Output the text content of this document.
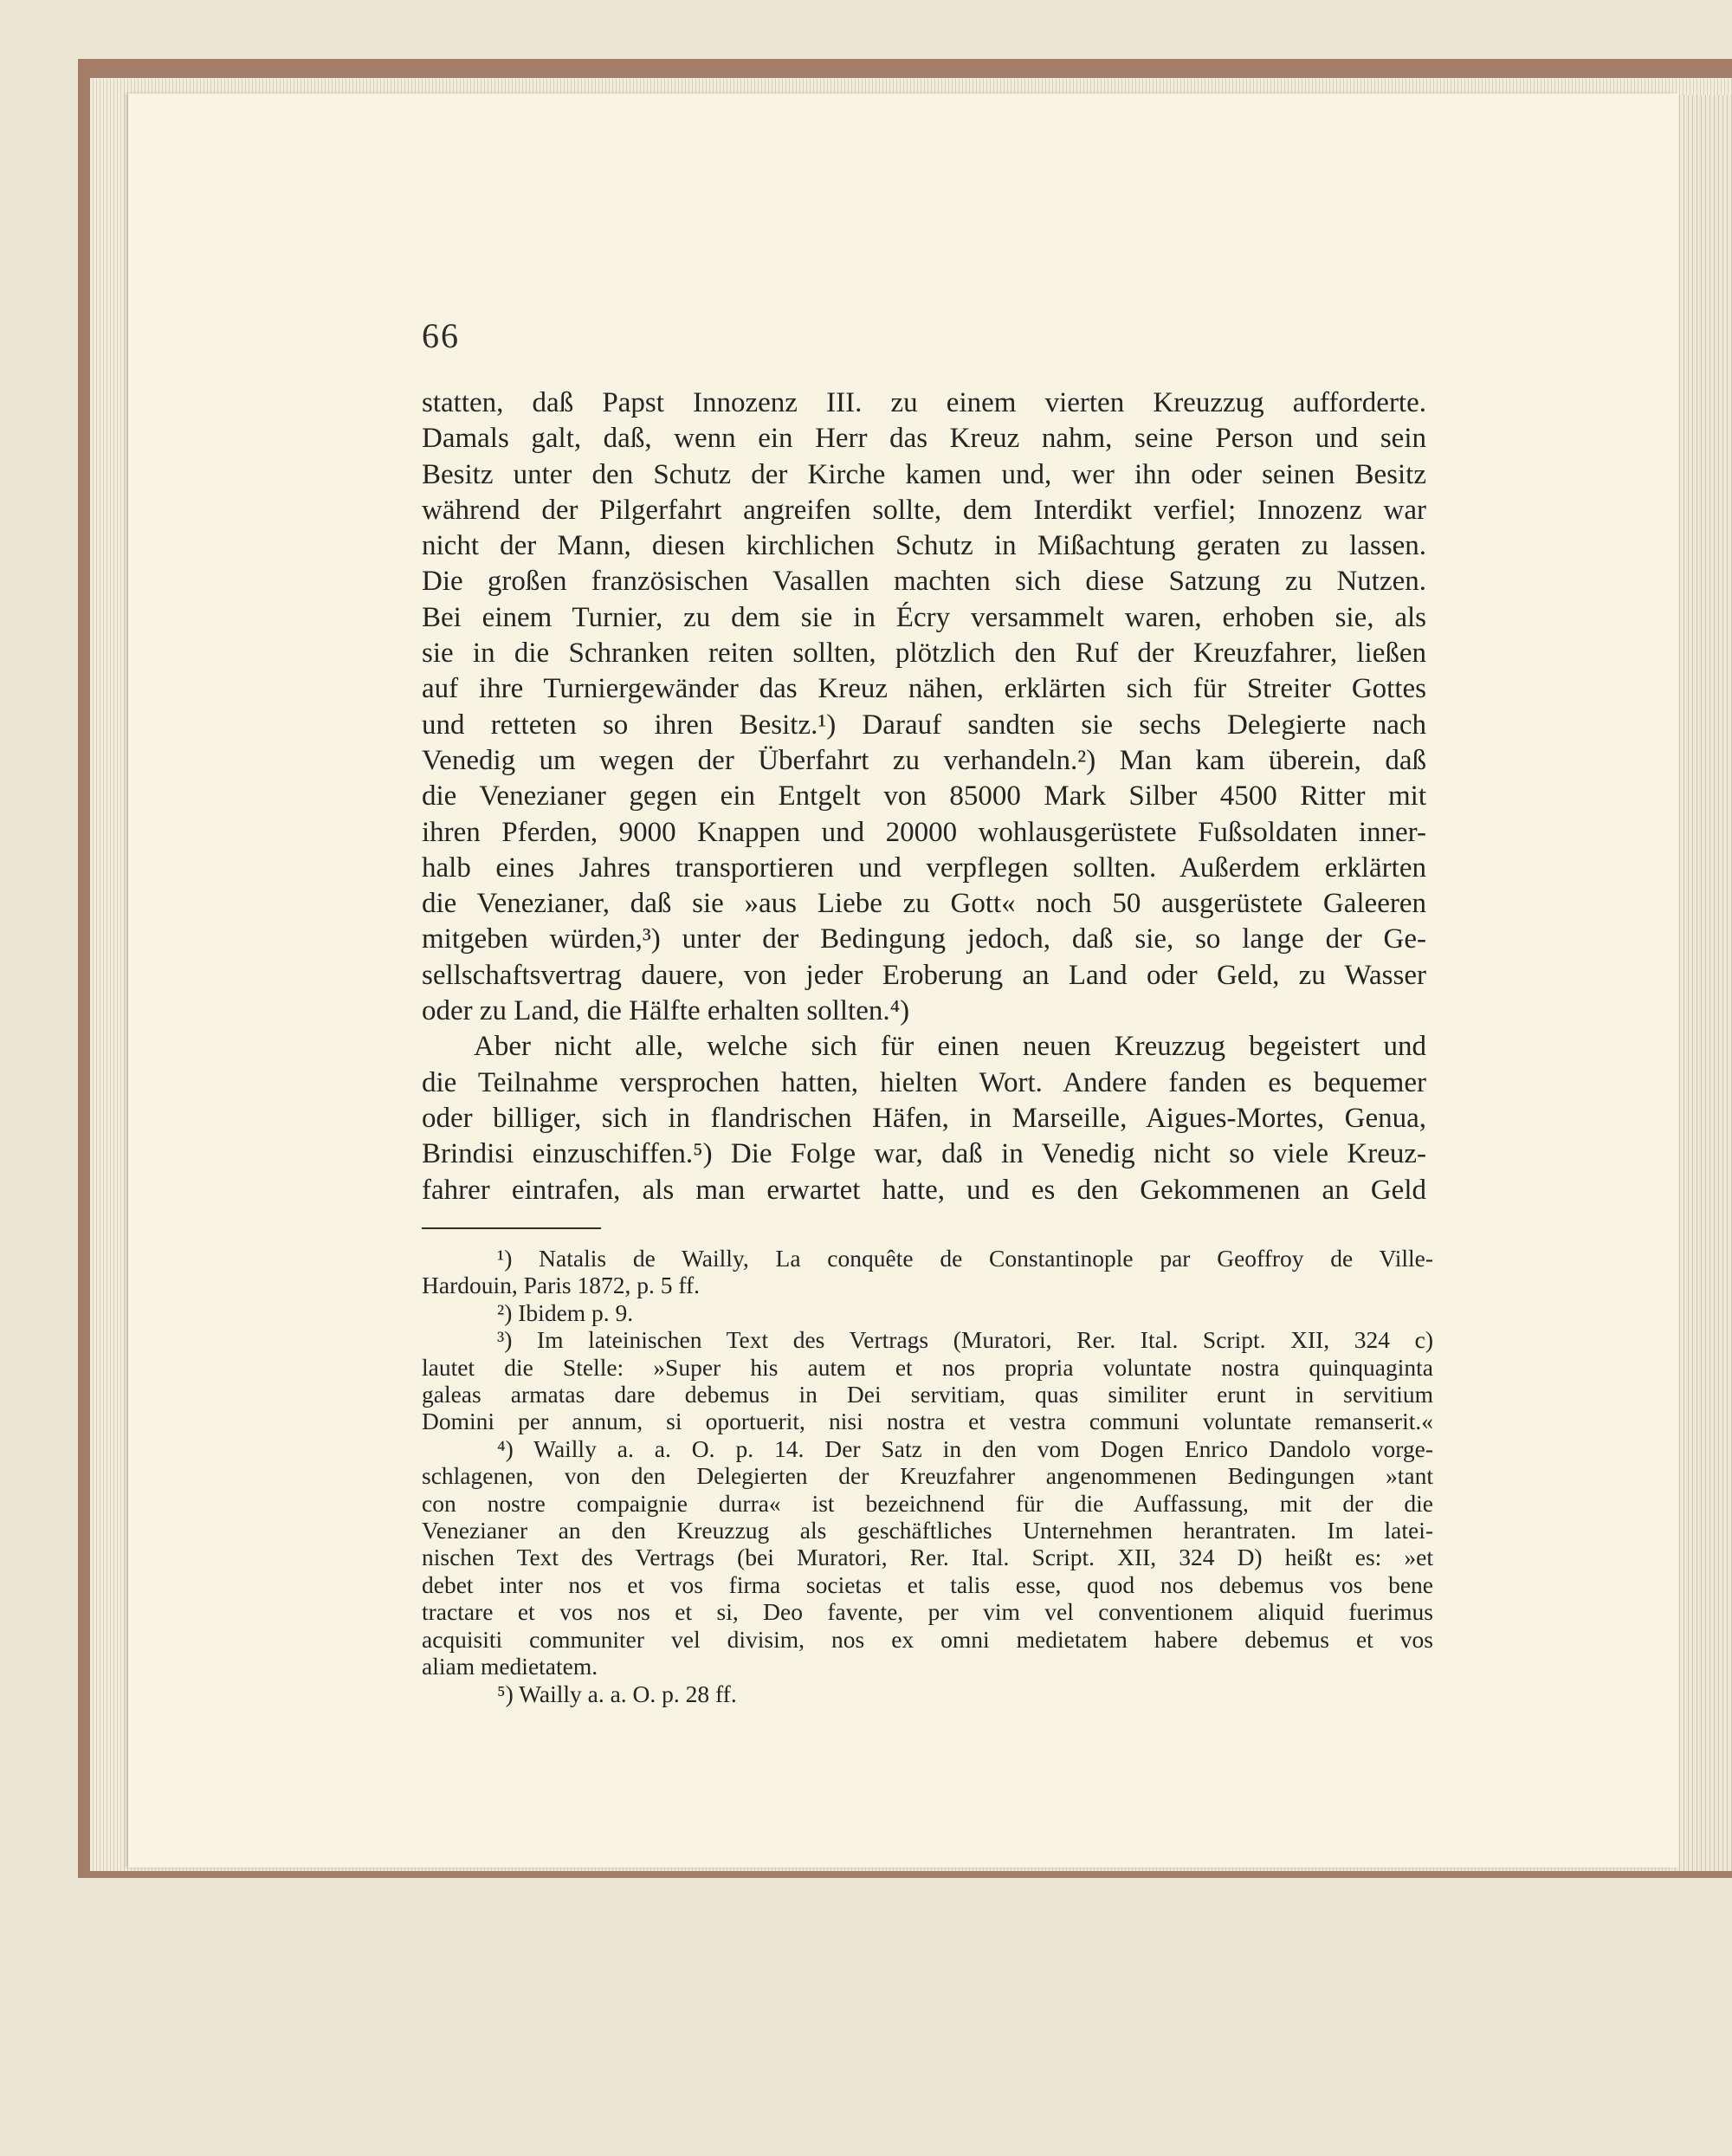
66
statten, daß Papst Innozenz III. zu einem vierten Kreuzzug aufforderte.
Damals galt, daß, wenn ein Herr das Kreuz nahm, seine Person und sein
Besitz unter den Schutz der Kirche kamen und, wer ihn oder seinen Besitz
während der Pilgerfahrt angreifen sollte, dem Interdikt verfiel; Innozenz war
nicht der Mann, diesen kirchlichen Schutz in Mißachtung geraten zu lassen.
Die großen französischen Vasallen machten sich diese Satzung zu Nutzen.
Bei einem Turnier, zu dem sie in Écry versammelt waren, erhoben sie, als
sie in die Schranken reiten sollten, plötzlich den Ruf der Kreuzfahrer, ließen
auf ihre Turniergewänder das Kreuz nähen, erklärten sich für Streiter Gottes
und retteten so ihren Besitz.¹) Darauf sandten sie sechs Delegierte nach
Venedig um wegen der Überfahrt zu verhandeln.²) Man kam überein, daß
die Venezianer gegen ein Entgelt von 85000 Mark Silber 4500 Ritter mit
ihren Pferden, 9000 Knappen und 20000 wohlausgerüstete Fußsoldaten inner-
halb eines Jahres transportieren und verpflegen sollten. Außerdem erklärten
die Venezianer, daß sie »aus Liebe zu Gott« noch 50 ausgerüstete Galeeren
mitgeben würden,³) unter der Bedingung jedoch, daß sie, so lange der Ge-
sellschaftsvertrag dauere, von jeder Eroberung an Land oder Geld, zu Wasser
oder zu Land, die Hälfte erhalten sollten.⁴)
Aber nicht alle, welche sich für einen neuen Kreuzzug begeistert und
die Teilnahme versprochen hatten, hielten Wort. Andere fanden es bequemer
oder billiger, sich in flandrischen Häfen, in Marseille, Aigues-Mortes, Genua,
Brindisi einzuschiffen.⁵) Die Folge war, daß in Venedig nicht so viele Kreuz-
fahrer eintrafen, als man erwartet hatte, und es den Gekommenen an Geld
¹) Natalis de Wailly, La conquête de Constantinople par Geoffroy de Ville-
Hardouin, Paris 1872, p. 5 ff.
²) Ibidem p. 9.
³) Im lateinischen Text des Vertrags (Muratori, Rer. Ital. Script. XII, 324 c)
lautet die Stelle: »Super his autem et nos propria voluntate nostra quinquaginta
galeas armatas dare debemus in Dei servitiam, quas similiter erunt in servitium
Domini per annum, si oportuerit, nisi nostra et vestra communi voluntate remanserit.«
⁴) Wailly a. a. O. p. 14. Der Satz in den vom Dogen Enrico Dandolo vorge-
schlagenen, von den Delegierten der Kreuzfahrer angenommenen Bedingungen »tant
con nostre compaignie durra« ist bezeichnend für die Auffassung, mit der die
Venezianer an den Kreuzzug als geschäftliches Unternehmen herantraten. Im latei-
nischen Text des Vertrags (bei Muratori, Rer. Ital. Script. XII, 324 D) heißt es: »et
debet inter nos et vos firma societas et talis esse, quod nos debemus vos bene
tractare et vos nos et si, Deo favente, per vim vel conventionem aliquid fuerimus
acquisiti communiter vel divisim, nos ex omni medietatem habere debemus et vos
aliam medietatem.
⁵) Wailly a. a. O. p. 28 ff.
